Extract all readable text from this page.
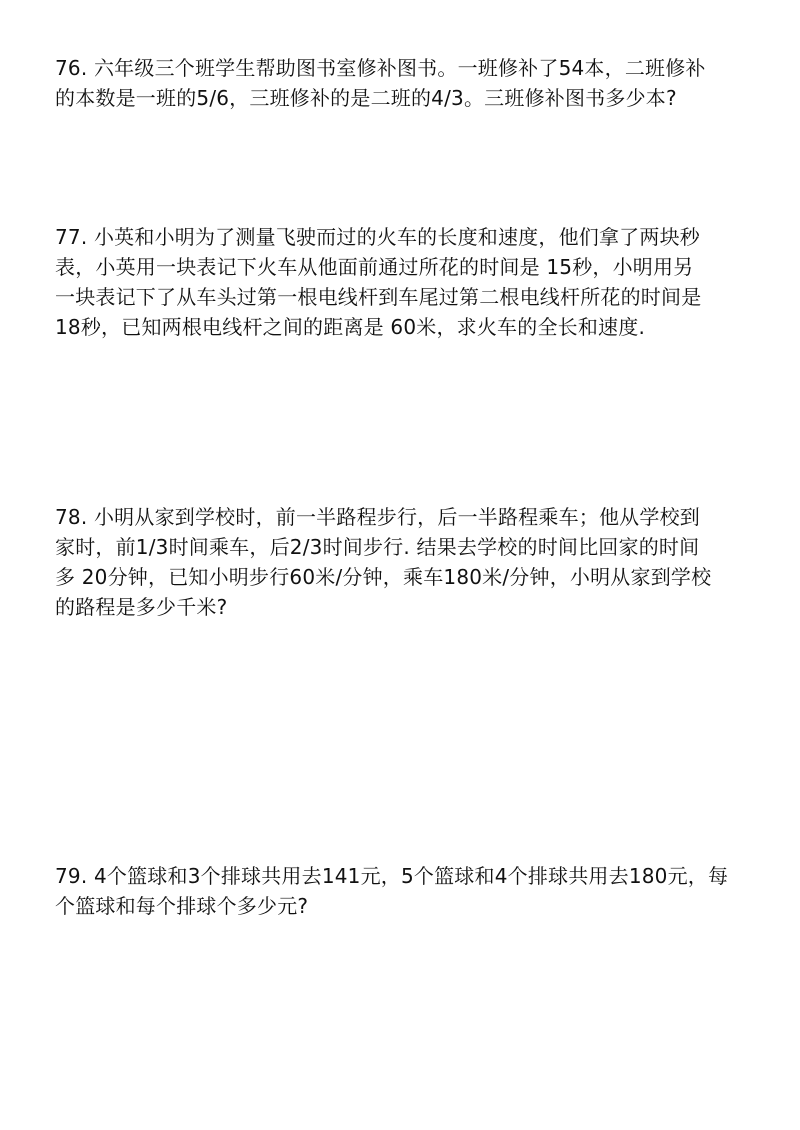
76. 六年级三个班学生帮助图书室修补图书。一班修补了54本，二班修补
的本数是一班的5/6，三班修补的是二班的4/3。三班修补图书多少本?
77. 小英和小明为了测量飞驶而过的火车的长度和速度，他们拿了两块秒
表，小英用一块表记下火车从他面前通过所花的时间是 15秒，小明用另
一块表记下了从车头过第一根电线杆到车尾过第二根电线杆所花的时间是
18秒，已知两根电线杆之间的距离是 60米，求火车的全长和速度.
78. 小明从家到学校时，前一半路程步行，后一半路程乘车；他从学校到
家时，前1/3时间乘车，后2/3时间步行. 结果去学校的时间比回家的时间
多 20分钟，已知小明步行60米/分钟，乘车180米/分钟，小明从家到学校
的路程是多少千米?
79. 4个篮球和3个排球共用去141元，5个篮球和4个排球共用去180元，每
个篮球和每个排球个多少元?
